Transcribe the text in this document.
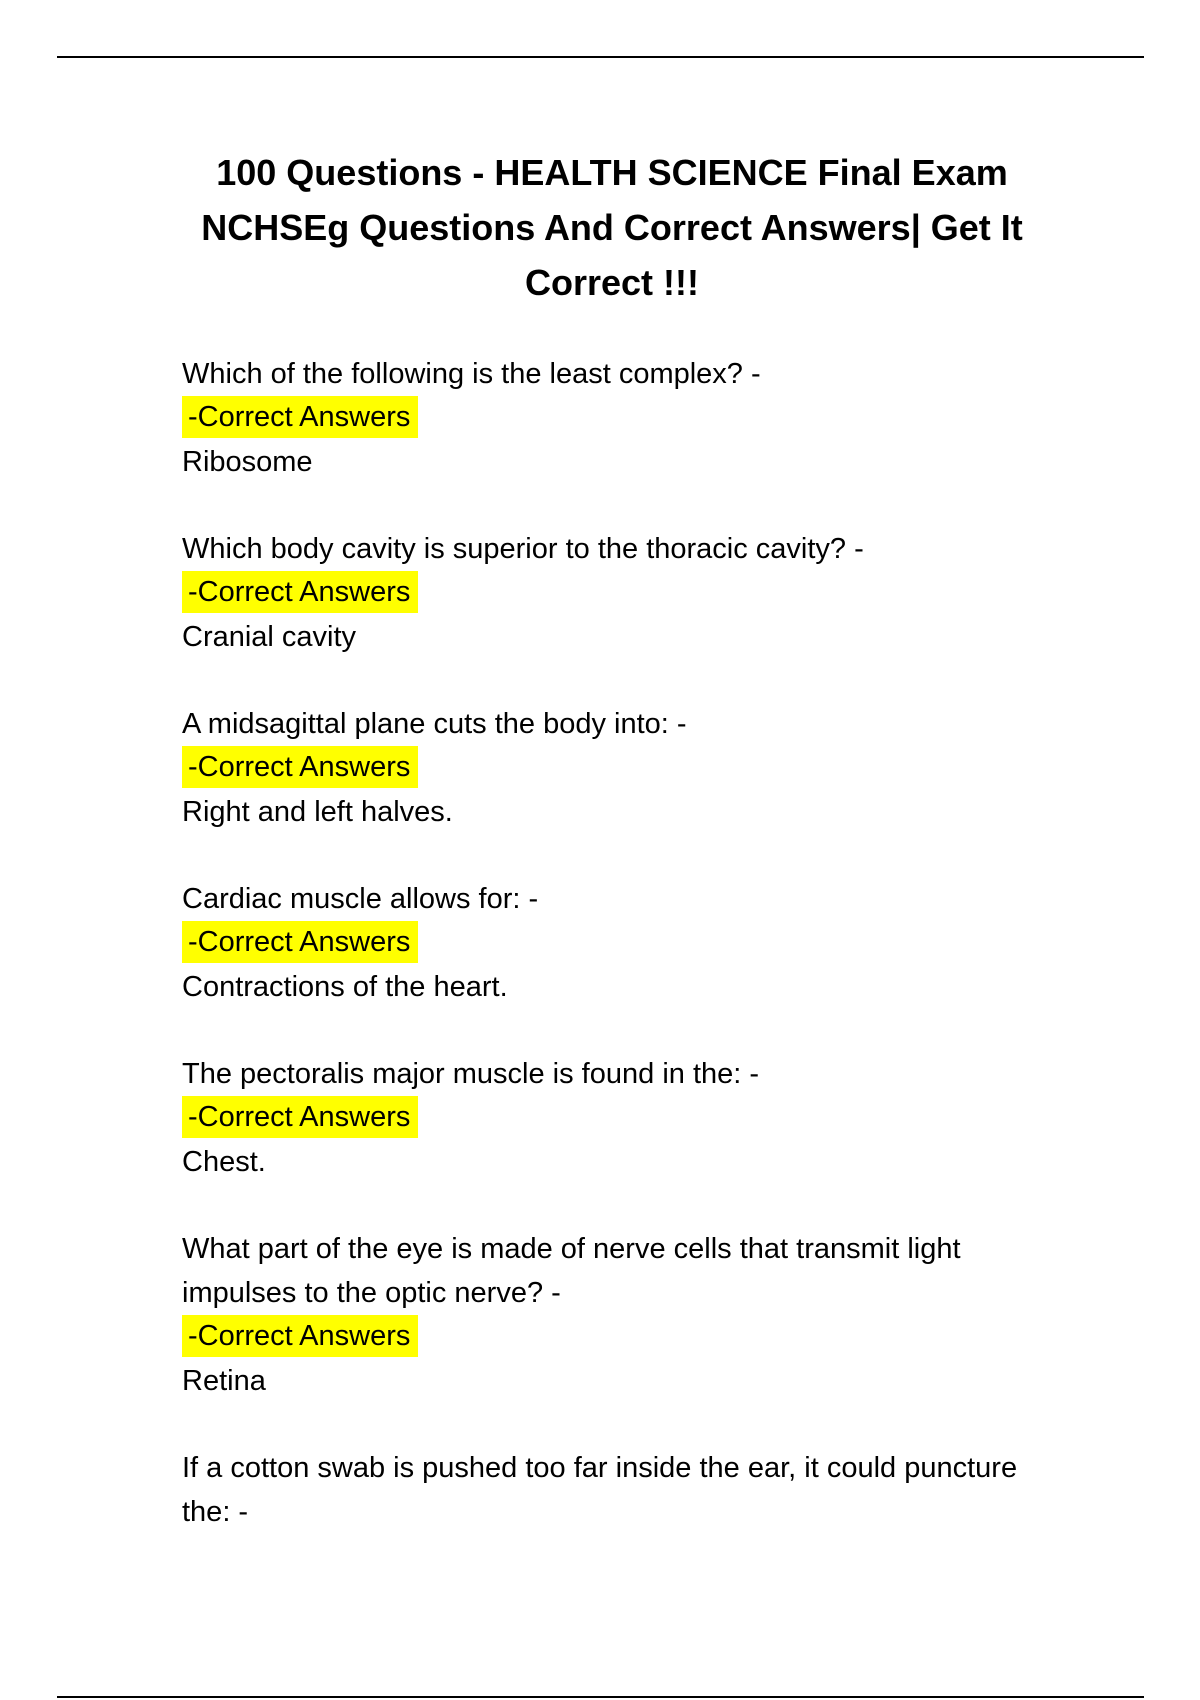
100 Questions - HEALTH SCIENCE Final Exam NCHSEg Questions And Correct Answers| Get It Correct !!!

Which of the following is the least complex? -

-Correct Answers

Ribosome

Which body cavity is superior to the thoracic cavity? -

-Correct Answers

Cranial cavity

A midsagittal plane cuts the body into: -

-Correct Answers

Right and left halves.

Cardiac muscle allows for: -

-Correct Answers

Contractions of the heart.

The pectoralis major muscle is found in the: -

-Correct Answers

Chest.

What part of the eye is made of nerve cells that transmit light impulses to the optic nerve? -

-Correct Answers

Retina

If a cotton swab is pushed too far inside the ear, it could puncture the: -
